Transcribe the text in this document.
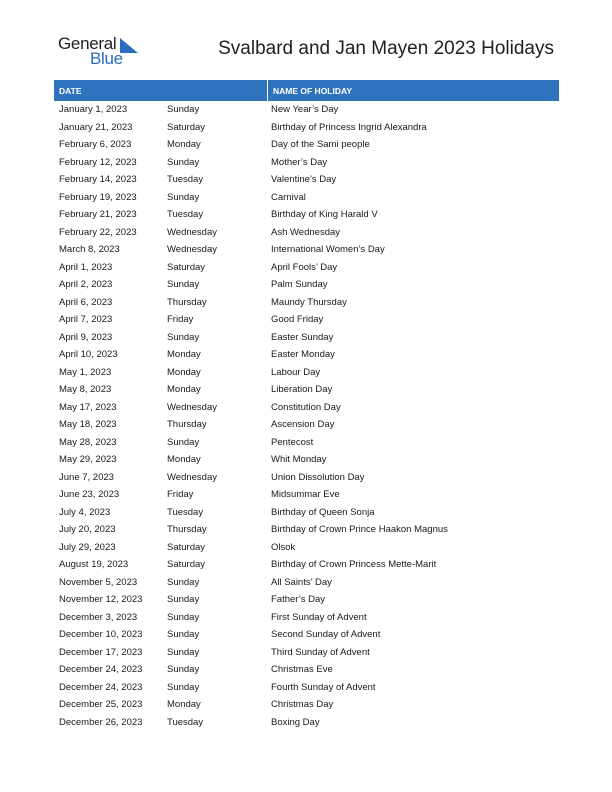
General
Blue	Svalbard and Jan Mayen 2023 Holidays
DATE	NAME OF HOLIDAY
January 1, 2023	Sunday	New Year’s Day
January 21, 2023	Saturday	Birthday of Princess Ingrid Alexandra
February 6, 2023	Monday	Day of the Sami people
February 12, 2023	Sunday	Mother’s Day
February 14, 2023	Tuesday	Valentine’s Day
February 19, 2023	Sunday	Carnival
February 21, 2023	Tuesday	Birthday of King Harald V
February 22, 2023	Wednesday	Ash Wednesday
March 8, 2023	Wednesday	International Women’s Day
April 1, 2023	Saturday	April Fools’ Day
April 2, 2023	Sunday	Palm Sunday
April 6, 2023	Thursday	Maundy Thursday
April 7, 2023	Friday	Good Friday
April 9, 2023	Sunday	Easter Sunday
April 10, 2023	Monday	Easter Monday
May 1, 2023	Monday	Labour Day
May 8, 2023	Monday	Liberation Day
May 17, 2023	Wednesday	Constitution Day
May 18, 2023	Thursday	Ascension Day
May 28, 2023	Sunday	Pentecost
May 29, 2023	Monday	Whit Monday
June 7, 2023	Wednesday	Union Dissolution Day
June 23, 2023	Friday	Midsummar Eve
July 4, 2023	Tuesday	Birthday of Queen Sonja
July 20, 2023	Thursday	Birthday of Crown Prince Haakon Magnus
July 29, 2023	Saturday	Olsok
August 19, 2023	Saturday	Birthday of Crown Princess Mette-Marit
November 5, 2023	Sunday	All Saints’ Day
November 12, 2023	Sunday	Father’s Day
December 3, 2023	Sunday	First Sunday of Advent
December 10, 2023	Sunday	Second Sunday of Advent
December 17, 2023	Sunday	Third Sunday of Advent
December 24, 2023	Sunday	Christmas Eve
December 24, 2023	Sunday	Fourth Sunday of Advent
December 25, 2023	Monday	Christmas Day
December 26, 2023	Tuesday	Boxing Day
